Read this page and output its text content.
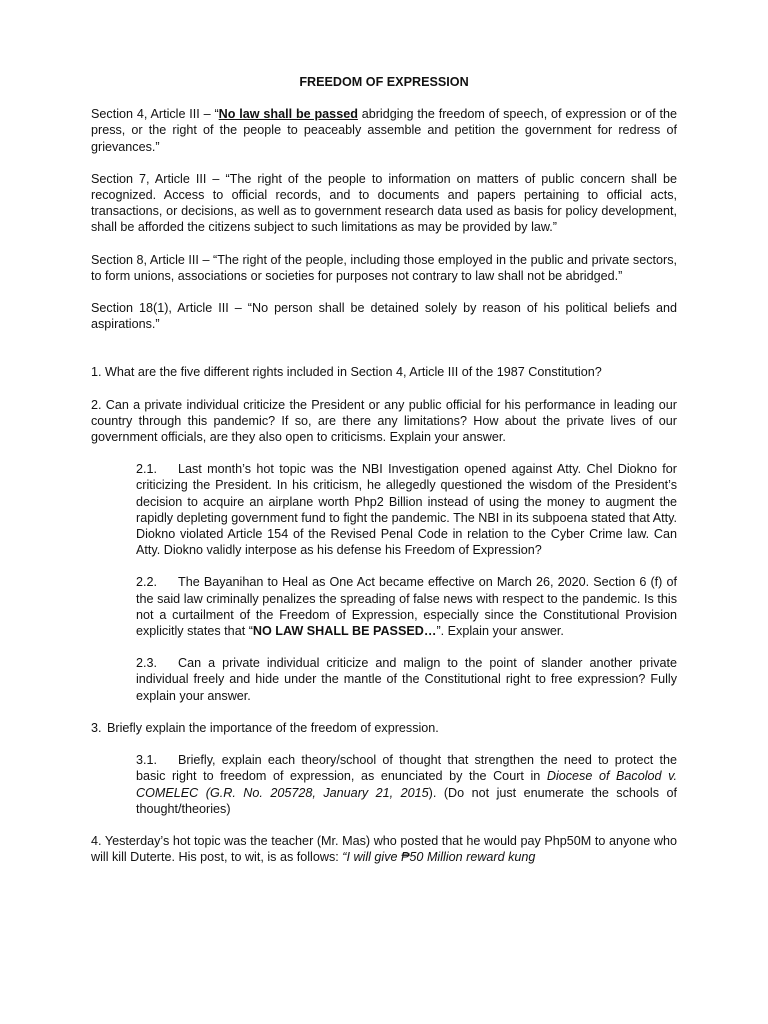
FREEDOM OF EXPRESSION

Section 4, Article III – “No law shall be passed abridging the freedom of speech, of expression or of the press, or the right of the people to peaceably assemble and petition the government for redress of grievances.”

Section 7, Article III – “The right of the people to information on matters of public concern shall be recognized. Access to official records, and to documents and papers pertaining to official acts, transactions, or decisions, as well as to government research data used as basis for policy development, shall be afforded the citizens subject to such limitations as may be provided by law.”

Section 8, Article III – “The right of the people, including those employed in the public and private sectors, to form unions, associations or societies for purposes not contrary to law shall not be abridged.”

Section 18(1), Article III – “No person shall be detained solely by reason of his political beliefs and aspirations.”

1. What are the five different rights included in Section 4, Article III of the 1987 Constitution?

2. Can a private individual criticize the President or any public official for his performance in leading our country through this pandemic? If so, are there any limitations? How about the private lives of our government officials, are they also open to criticisms. Explain your answer.

2.1. Last month’s hot topic was the NBI Investigation opened against Atty. Chel Diokno for criticizing the President. In his criticism, he allegedly questioned the wisdom of the President’s decision to acquire an airplane worth Php2 Billion instead of using the money to augment the rapidly depleting government fund to fight the pandemic. The NBI in its subpoena stated that Atty. Diokno violated Article 154 of the Revised Penal Code in relation to the Cyber Crime law. Can Atty. Diokno validly interpose as his defense his Freedom of Expression?

2.2. The Bayanihan to Heal as One Act became effective on March 26, 2020. Section 6 (f) of the said law criminally penalizes the spreading of false news with respect to the pandemic. Is this not a curtailment of the Freedom of Expression, especially since the Constitutional Provision explicitly states that “NO LAW SHALL BE PASSED…”. Explain your answer.

2.3. Can a private individual criticize and malign to the point of slander another private individual freely and hide under the mantle of the Constitutional right to free expression? Fully explain your answer.

3. Briefly explain the importance of the freedom of expression.

3.1. Briefly, explain each theory/school of thought that strengthen the need to protect the basic right to freedom of expression, as enunciated by the Court in Diocese of Bacolod v. COMELEC (G.R. No. 205728, January 21, 2015). (Do not just enumerate the schools of thought/theories)

4. Yesterday’s hot topic was the teacher (Mr. Mas) who posted that he would pay Php50M to anyone who will kill Duterte. His post, to wit, is as follows: “I will give ₱50 Million reward kung
